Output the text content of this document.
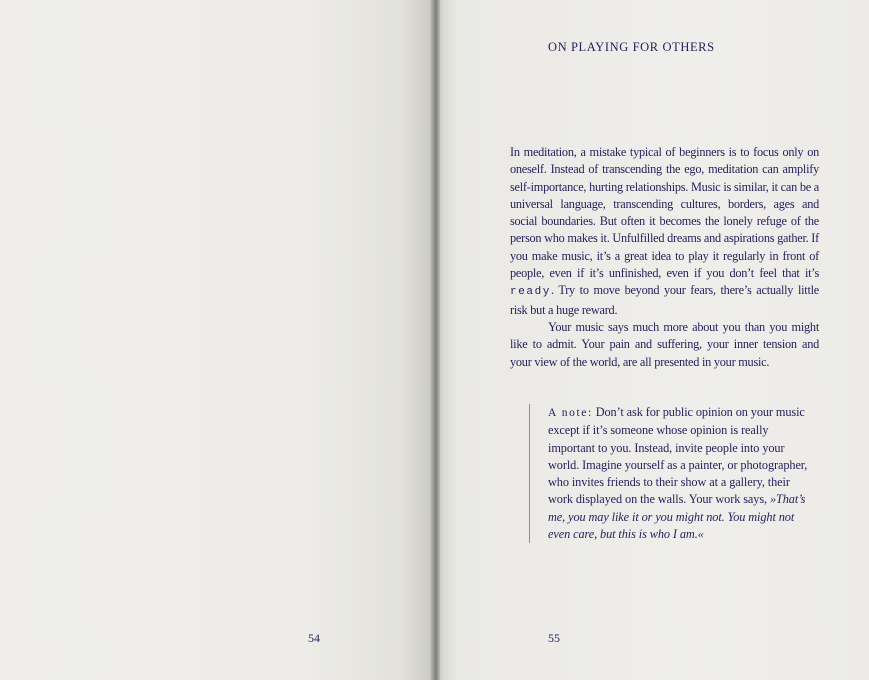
54
ON PLAYING FOR OTHERS

In meditation, a mistake typical of beginners is to focus only on oneself. Instead of transcending the ego, meditation can amplify self-importance, hurting relationships. Music is similar, it can be a universal language, transcending cultures, borders, ages and social boundaries. But often it becomes the lonely refuge of the person who makes it. Unfulfilled dreams and aspirations gather. If you make music, it’s a great idea to play it regularly in front of people, even if it’s unfinished, even if you don’t feel that it’s ready. Try to move beyond your fears, there’s actually little risk but a huge reward.

Your music says much more about you than you might like to admit. Your pain and suffering, your inner tension and your view of the world, are all presented in your music.

A note: Don’t ask for public opinion on your music except if it’s someone whose opinion is really important to you. Instead, invite people into your world. Imagine yourself as a painter, or photographer, who invites friends to their show at a gallery, their work displayed on the walls. Your work says, »That’s me, you may like it or you might not. You might not even care, but this is who I am.«
55
